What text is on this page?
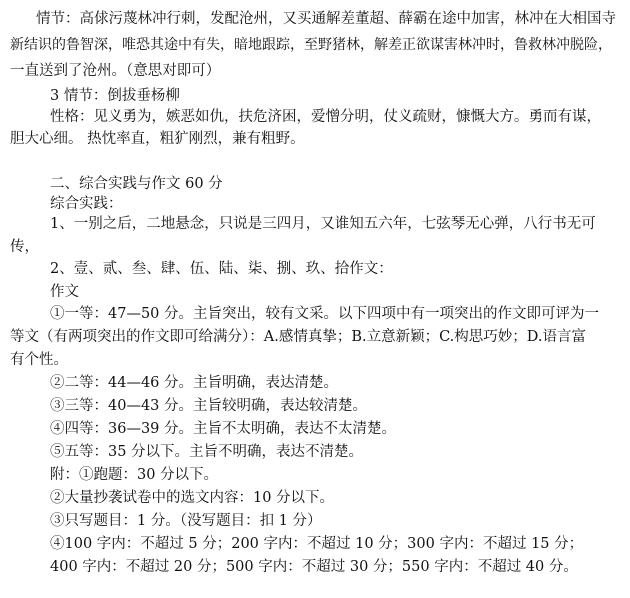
情节：高俅污蔑林冲行刺，发配沧州，又买通解差董超、薛霸在途中加害，林冲在大相国寺
新结识的鲁智深，唯恐其途中有失，暗地跟踪，至野猪林，解差正欲谋害林冲时，鲁救林冲脱险，
一直送到了沧州。（意思对即可）
3 情节：倒拔垂杨柳
性格：见义勇为，嫉恶如仇，扶危济困，爱憎分明，仗义疏财，慷慨大方。勇而有谋，
胆大心细。 热忱率直，粗犷刚烈，兼有粗野。
二、综合实践与作文 60 分
综合实践：
1、一别之后，二地悬念，只说是三四月，又谁知五六年，七弦琴无心弹，八行书无可
传，
2、壹、贰、叁、肆、伍、陆、柒、捌、玖、拾作文：
作文
①一等：47—50 分。主旨突出，较有文采。以下四项中有一项突出的作文即可评为一
等文（有两项突出的作文即可给满分）：A.感情真挚；B.立意新颖；C.构思巧妙；D.语言富
有个性。
②二等：44—46 分。主旨明确，表达清楚。
③三等：40—43 分。主旨较明确，表达较清楚。
④四等：36—39 分。主旨不太明确，表达不太清楚。
⑤五等：35 分以下。主旨不明确，表达不清楚。
附：①跑题：30 分以下。
②大量抄袭试卷中的选文内容：10 分以下。
③只写题目：1 分。（没写题目：扣 1 分）
④100 字内：不超过 5 分；200 字内：不超过 10 分；300 字内：不超过 15 分；
400 字内：不超过 20 分；500 字内：不超过 30 分；550 字内：不超过 40 分。
